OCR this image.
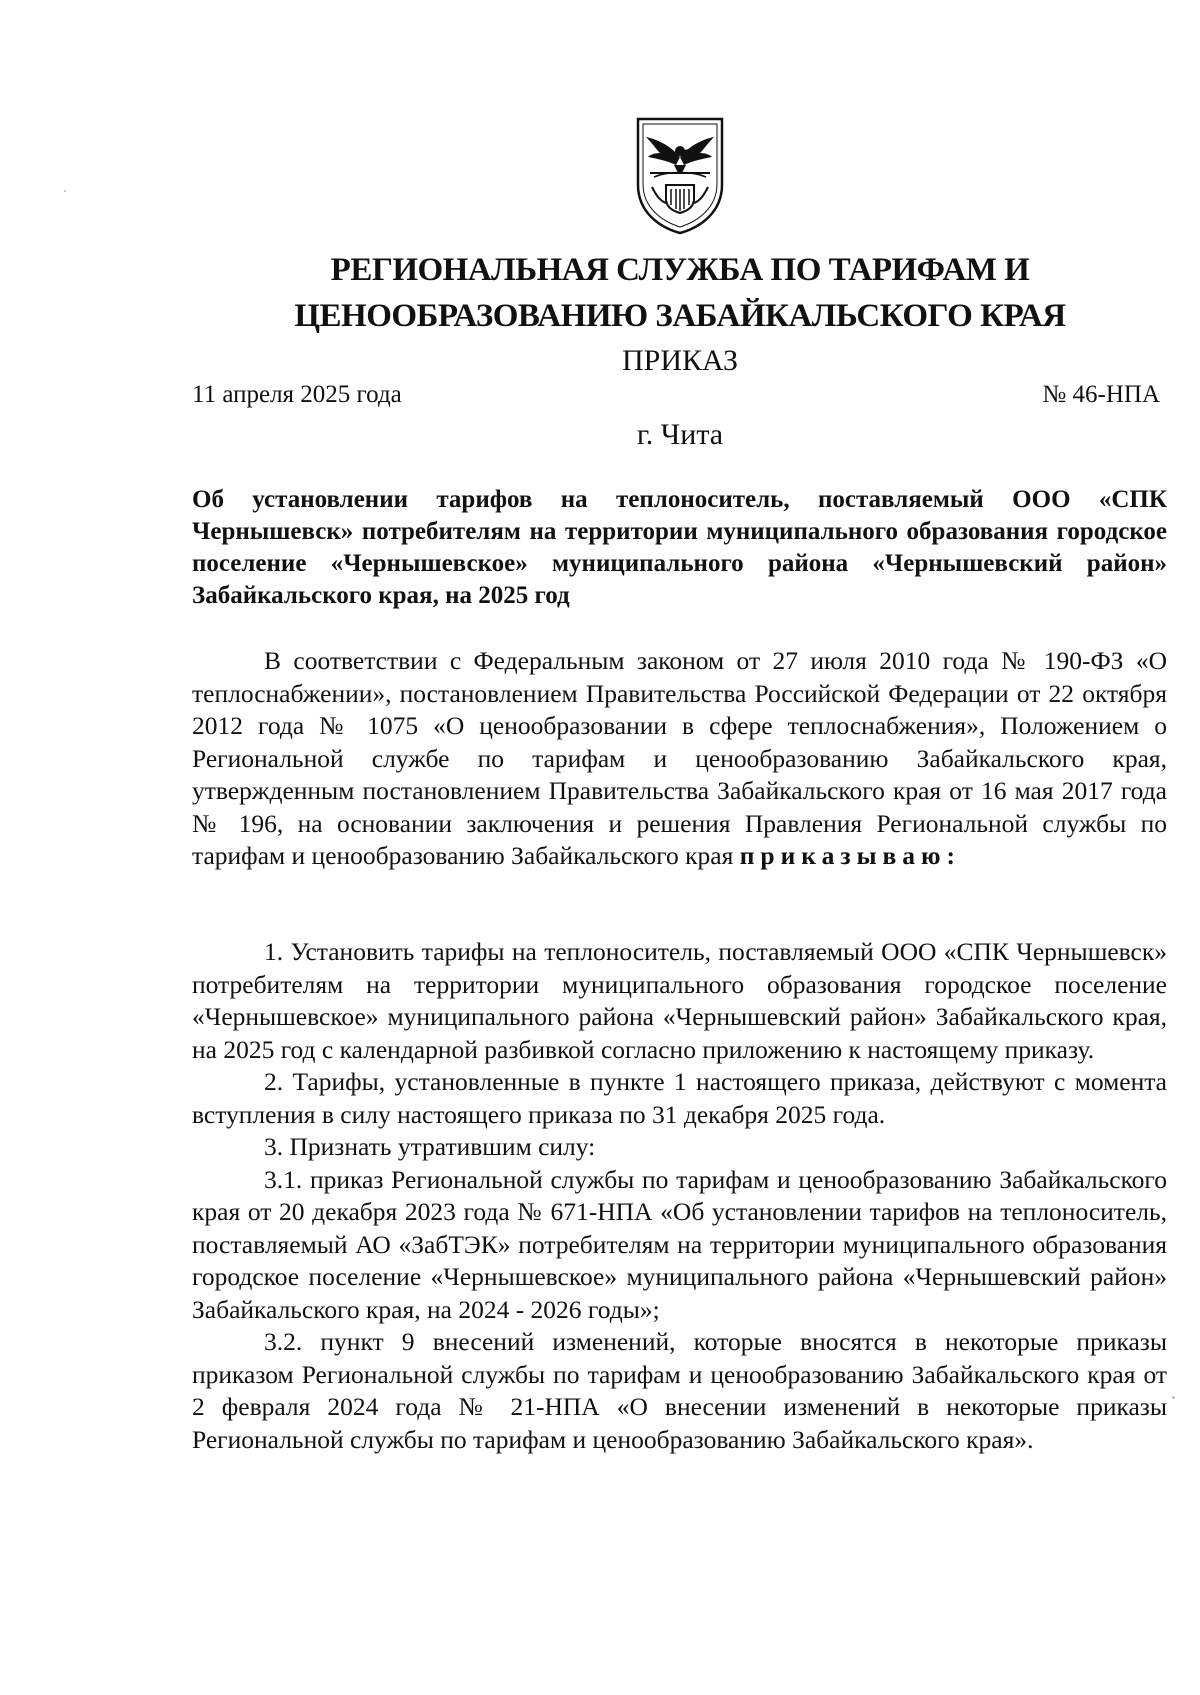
РЕГИОНАЛЬНАЯ СЛУЖБА ПО ТАРИФАМ И
ЦЕНООБРАЗОВАНИЮ ЗАБАЙКАЛЬСКОГО КРАЯ
ПРИКАЗ
11 апреля 2025 года	№ 46-НПА
г. Чита
Об установлении тарифов на теплоноситель, поставляемый ООО «СПК Чернышевск» потребителям на территории муниципального образования городское поселение «Чернышевское» муниципального района «Чернышевский район» Забайкальского края, на 2025 год
В соответствии с Федеральным законом от 27 июля 2010 года № 190-ФЗ «О теплоснабжении», постановлением Правительства Российской Федерации от 22 октября 2012 года № 1075 «О ценообразовании в сфере теплоснабжения», Положением о Региональной службе по тарифам и ценообразованию Забайкальского края, утвержденным постановлением Правительства Забайкальского края от 16 мая 2017 года № 196, на основании заключения и решения Правления Региональной службы по тарифам и ценообразованию Забайкальского края приказываю:

1. Установить тарифы на теплоноситель, поставляемый ООО «СПК Чернышевск» потребителям на территории муниципального образования городское поселение «Чернышевское» муниципального района «Чернышевский район» Забайкальского края, на 2025 год с календарной разбивкой согласно приложению к настоящему приказу.

2. Тарифы, установленные в пункте 1 настоящего приказа, действуют с момента вступления в силу настоящего приказа по 31 декабря 2025 года.

3. Признать утратившим силу:

3.1. приказ Региональной службы по тарифам и ценообразованию Забайкальского края от 20 декабря 2023 года № 671-НПА «Об установлении тарифов на теплоноситель, поставляемый АО «ЗабТЭК» потребителям на территории муниципального образования городское поселение «Чернышевское» муниципального района «Чернышевский район» Забайкальского края, на 2024 - 2026 годы»;

3.2. пункт 9 внесений изменений, которые вносятся в некоторые приказы приказом Региональной службы по тарифам и ценообразованию Забайкальского края от 2 февраля 2024 года № 21-НПА «О внесении изменений в некоторые приказы Региональной службы по тарифам и ценообразованию Забайкальского края».
